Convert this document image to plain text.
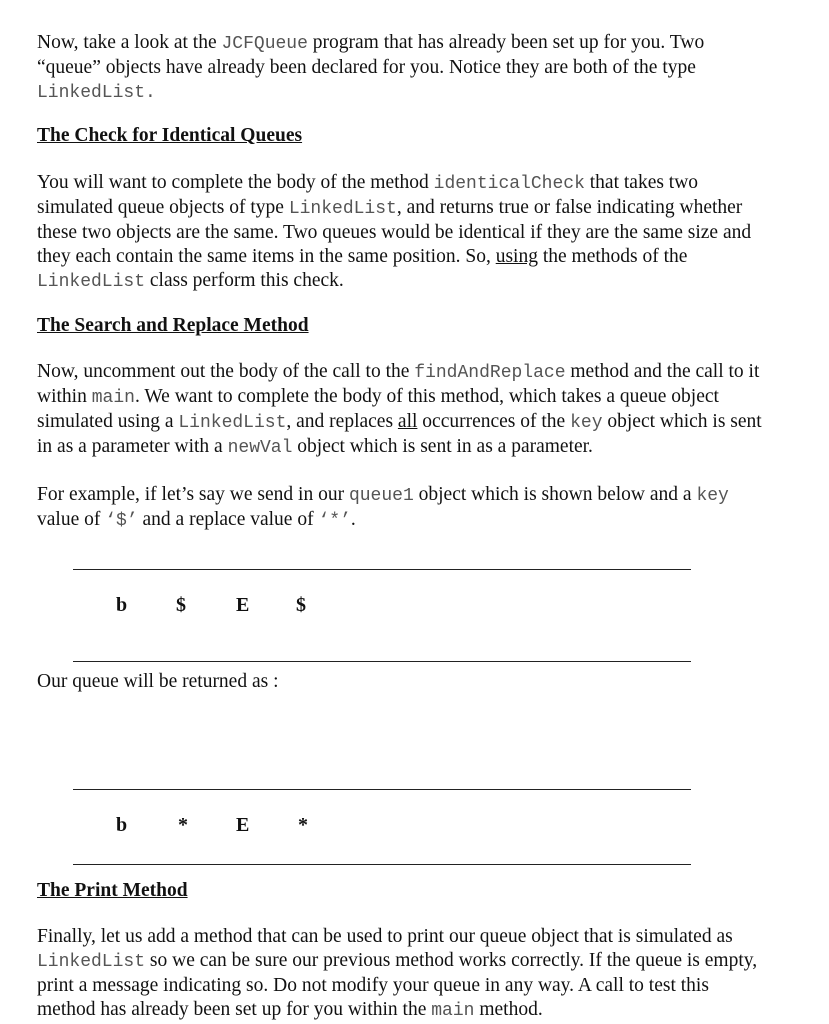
Now, take a look at the JCFQueue program that has already been set up for you. Two “queue” objects have already been declared for you. Notice they are both of the type LinkedList.

The Check for Identical Queues

You will want to complete the body of the method identicalCheck that takes two simulated queue objects of type LinkedList, and returns true or false indicating whether these two objects are the same. Two queues would be identical if they are the same size and they each contain the same items in the same position. So, using the methods of the LinkedList class perform this check.

The Search and Replace Method

Now, uncomment out the body of the call to the findAndReplace method and the call to it within main. We want to complete the body of this method, which takes a queue object simulated using a LinkedList, and replaces all occurrences of the key object which is sent in as a parameter with a newVal object which is sent in as a parameter.

For example, if let’s say we send in our queue1 object which is shown below and a key value of ‘$’ and a replace value of ‘*’.

b $	E $

Our queue will be returned as :

b	* E *
The Print Method

Finally, let us add a method that can be used to print our queue object that is simulated as LinkedList so we can be sure our previous method works correctly. If the queue is empty, print a message indicating so. Do not modify your queue in any way. A call to test this method has already been set up for you within the main method.
